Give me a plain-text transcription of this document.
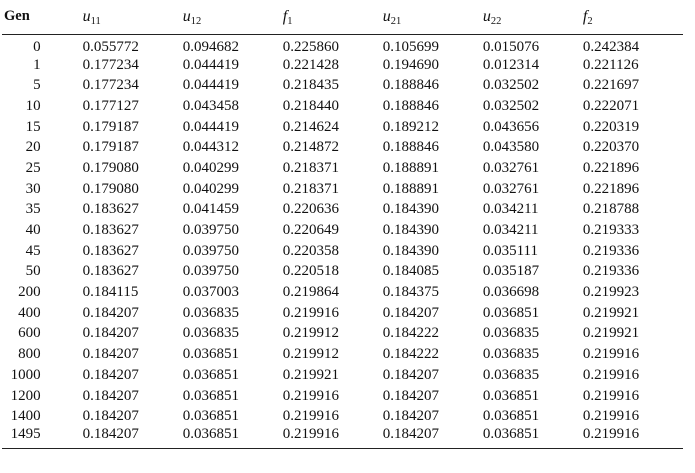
Gen	$u_{11}$	$u_{12}$	$f_1$	$u_{21}$	$u_{22}$	$f_2$
0	0.055772	0.094682	0.225860	0.105699	0.015076	0.242384
1	0.177234	0.044419	0.221428	0.194690	0.012314	0.221126
5	0.177234	0.044419	0.218435	0.188846	0.032502	0.221697
10	0.177127	0.043458	0.218440	0.188846	0.032502	0.222071
15	0.179187	0.044419	0.214624	0.189212	0.043656	0.220319
20	0.179187	0.044312	0.214872	0.188846	0.043580	0.220370
25	0.179080	0.040299	0.218371	0.188891	0.032761	0.221896
30	0.179080	0.040299	0.218371	0.188891	0.032761	0.221896
35	0.183627	0.041459	0.220636	0.184390	0.034211	0.218788
40	0.183627	0.039750	0.220649	0.184390	0.034211	0.219333
45	0.183627	0.039750	0.220358	0.184390	0.035111	0.219336
50	0.183627	0.039750	0.220518	0.184085	0.035187	0.219336
200	0.184115	0.037003	0.219864	0.184375	0.036698	0.219923
400	0.184207	0.036835	0.219916	0.184207	0.036851	0.219921
600	0.184207	0.036835	0.219912	0.184222	0.036835	0.219921
800	0.184207	0.036851	0.219912	0.184222	0.036835	0.219916
1000	0.184207	0.036851	0.219921	0.184207	0.036835	0.219916
1200	0.184207	0.036851	0.219916	0.184207	0.036851	0.219916
1400	0.184207	0.036851	0.219916	0.184207	0.036851	0.219916
1495	0.184207	0.036851	0.219916	0.184207	0.036851	0.219916
